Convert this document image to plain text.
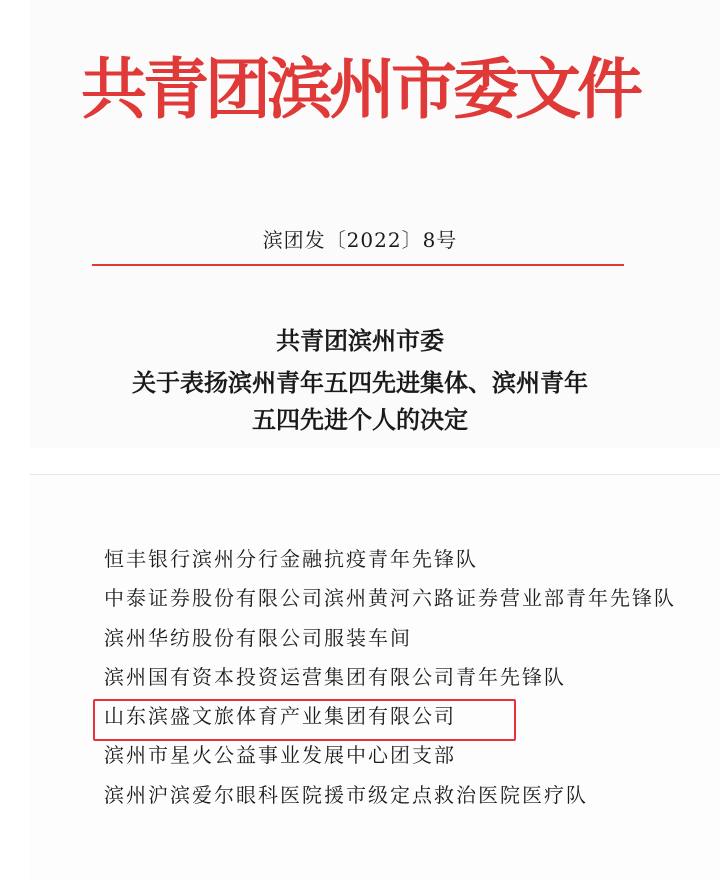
共青团滨州市委文件
滨团发〔2022〕8号
共青团滨州市委
关于表扬滨州青年五四先进集体、滨州青年
五四先进个人的决定
恒丰银行滨州分行金融抗疫青年先锋队
中泰证券股份有限公司滨州黄河六路证券营业部青年先锋队
滨州华纺股份有限公司服装车间
滨州国有资本投资运营集团有限公司青年先锋队
山东滨盛文旅体育产业集团有限公司
滨州市星火公益事业发展中心团支部
滨州沪滨爱尔眼科医院援市级定点救治医院医疗队
